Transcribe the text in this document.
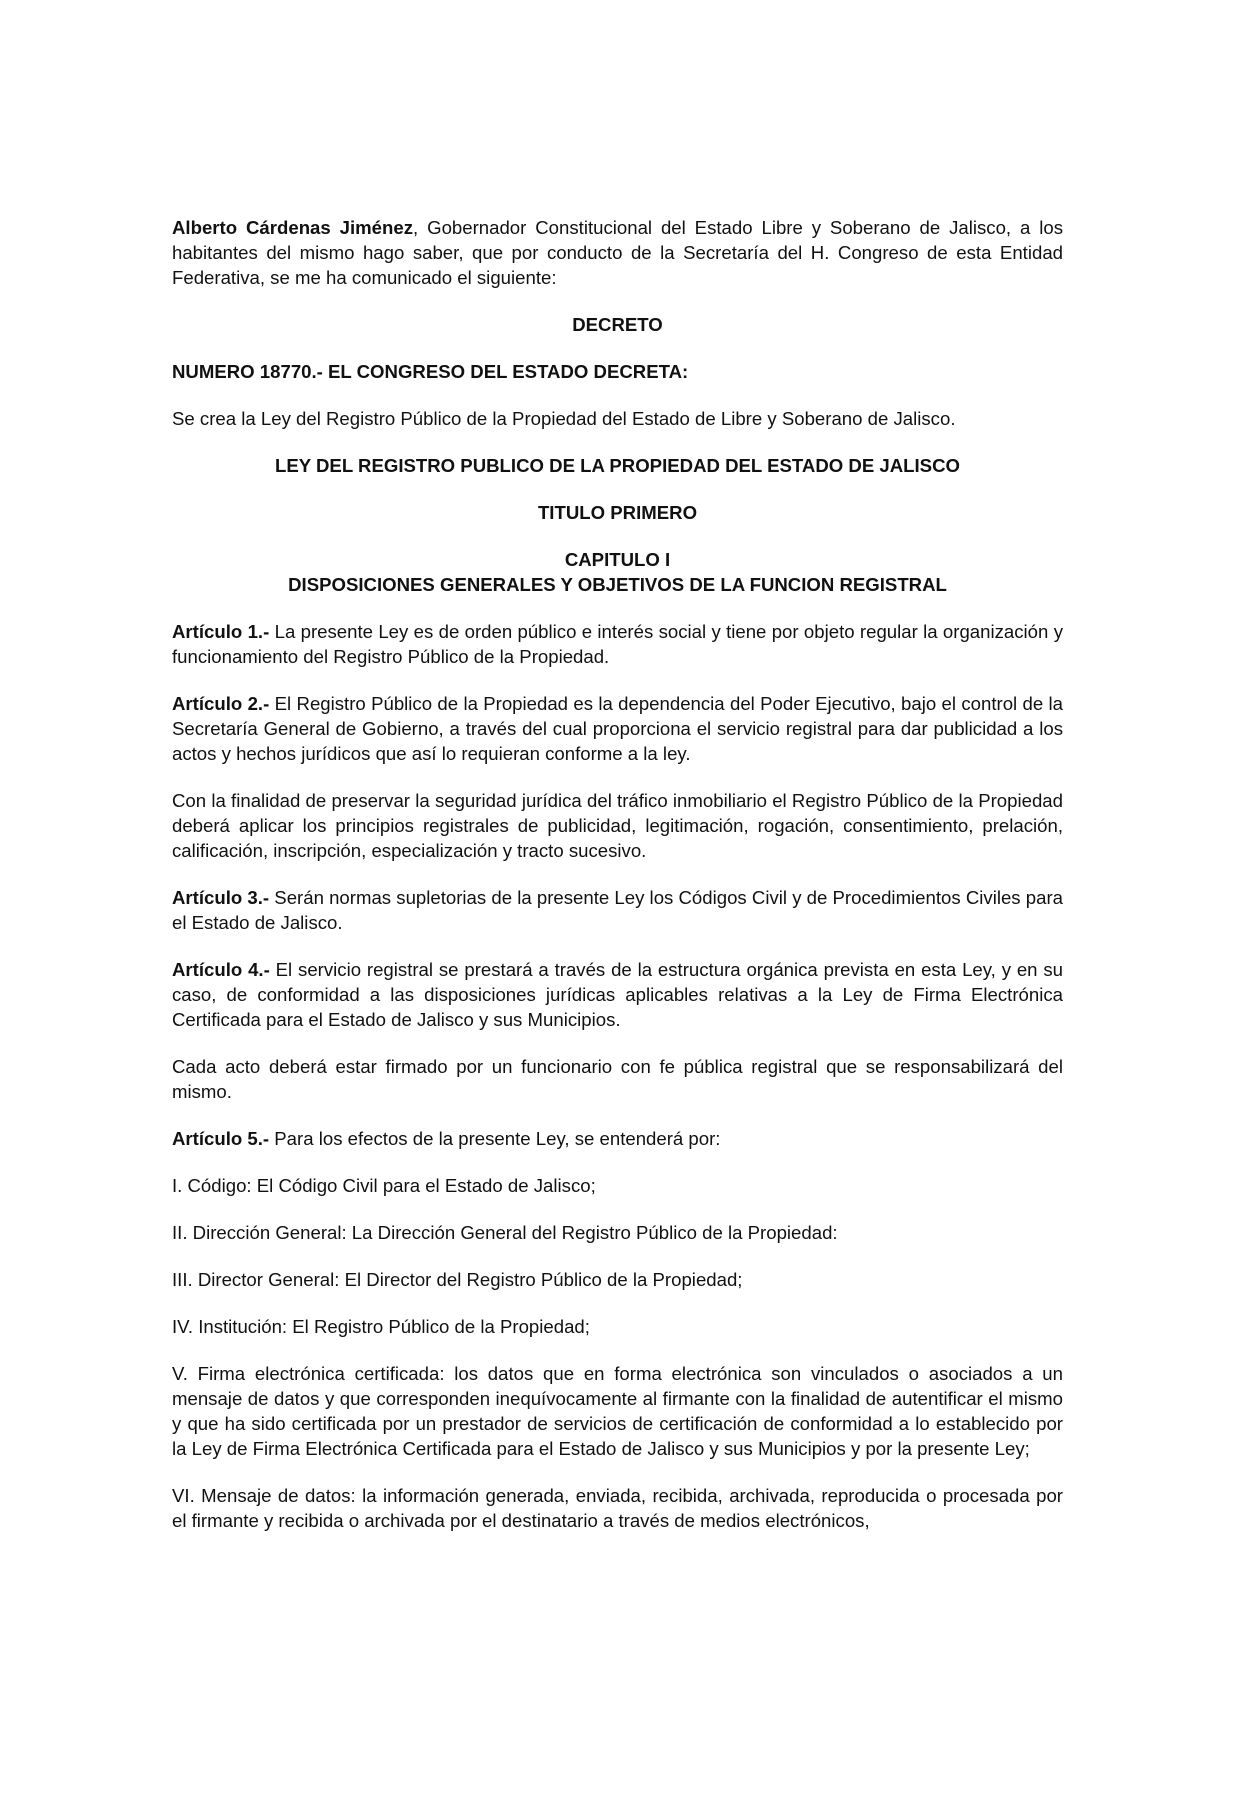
Alberto Cárdenas Jiménez, Gobernador Constitucional del Estado Libre y Soberano de Jalisco, a los habitantes del mismo hago saber, que por conducto de la Secretaría del H. Congreso de esta Entidad Federativa, se me ha comunicado el siguiente:

DECRETO

NUMERO 18770.- EL CONGRESO DEL ESTADO DECRETA:

Se crea la Ley del Registro Público de la Propiedad del Estado de Libre y Soberano de Jalisco.

LEY DEL REGISTRO PUBLICO DE LA PROPIEDAD DEL ESTADO DE JALISCO

TITULO PRIMERO

CAPITULO I

DISPOSICIONES GENERALES Y OBJETIVOS DE LA FUNCION REGISTRAL

Artículo 1.- La presente Ley es de orden público e interés social y tiene por objeto regular la organización y funcionamiento del Registro Público de la Propiedad.

Artículo 2.- El Registro Público de la Propiedad es la dependencia del Poder Ejecutivo, bajo el control de la Secretaría General de Gobierno, a través del cual proporciona el servicio registral para dar publicidad a los actos y hechos jurídicos que así lo requieran conforme a la ley.

Con la finalidad de preservar la seguridad jurídica del tráfico inmobiliario el Registro Público de la Propiedad deberá aplicar los principios registrales de publicidad, legitimación, rogación, consentimiento, prelación, calificación, inscripción, especialización y tracto sucesivo.

Artículo 3.- Serán normas supletorias de la presente Ley los Códigos Civil y de Procedimientos Civiles para el Estado de Jalisco.

Artículo 4.- El servicio registral se prestará a través de la estructura orgánica prevista en esta Ley, y en su caso, de conformidad a las disposiciones jurídicas aplicables relativas a la Ley de Firma Electrónica Certificada para el Estado de Jalisco y sus Municipios.

Cada acto deberá estar firmado por un funcionario con fe pública registral que se responsabilizará del mismo.

Artículo 5.- Para los efectos de la presente Ley, se entenderá por:

I. Código: El Código Civil para el Estado de Jalisco;

II. Dirección General: La Dirección General del Registro Público de la Propiedad:

III. Director General: El Director del Registro Público de la Propiedad;

IV. Institución: El Registro Público de la Propiedad;

V. Firma electrónica certificada: los datos que en forma electrónica son vinculados o asociados a un mensaje de datos y que corresponden inequívocamente al firmante con la finalidad de autentificar el mismo y que ha sido certificada por un prestador de servicios de certificación de conformidad a lo establecido por la Ley de Firma Electrónica Certificada para el Estado de Jalisco y sus Municipios y por la presente Ley;

VI. Mensaje de datos: la información generada, enviada, recibida, archivada, reproducida o procesada por el firmante y recibida o archivada por el destinatario a través de medios electrónicos,
